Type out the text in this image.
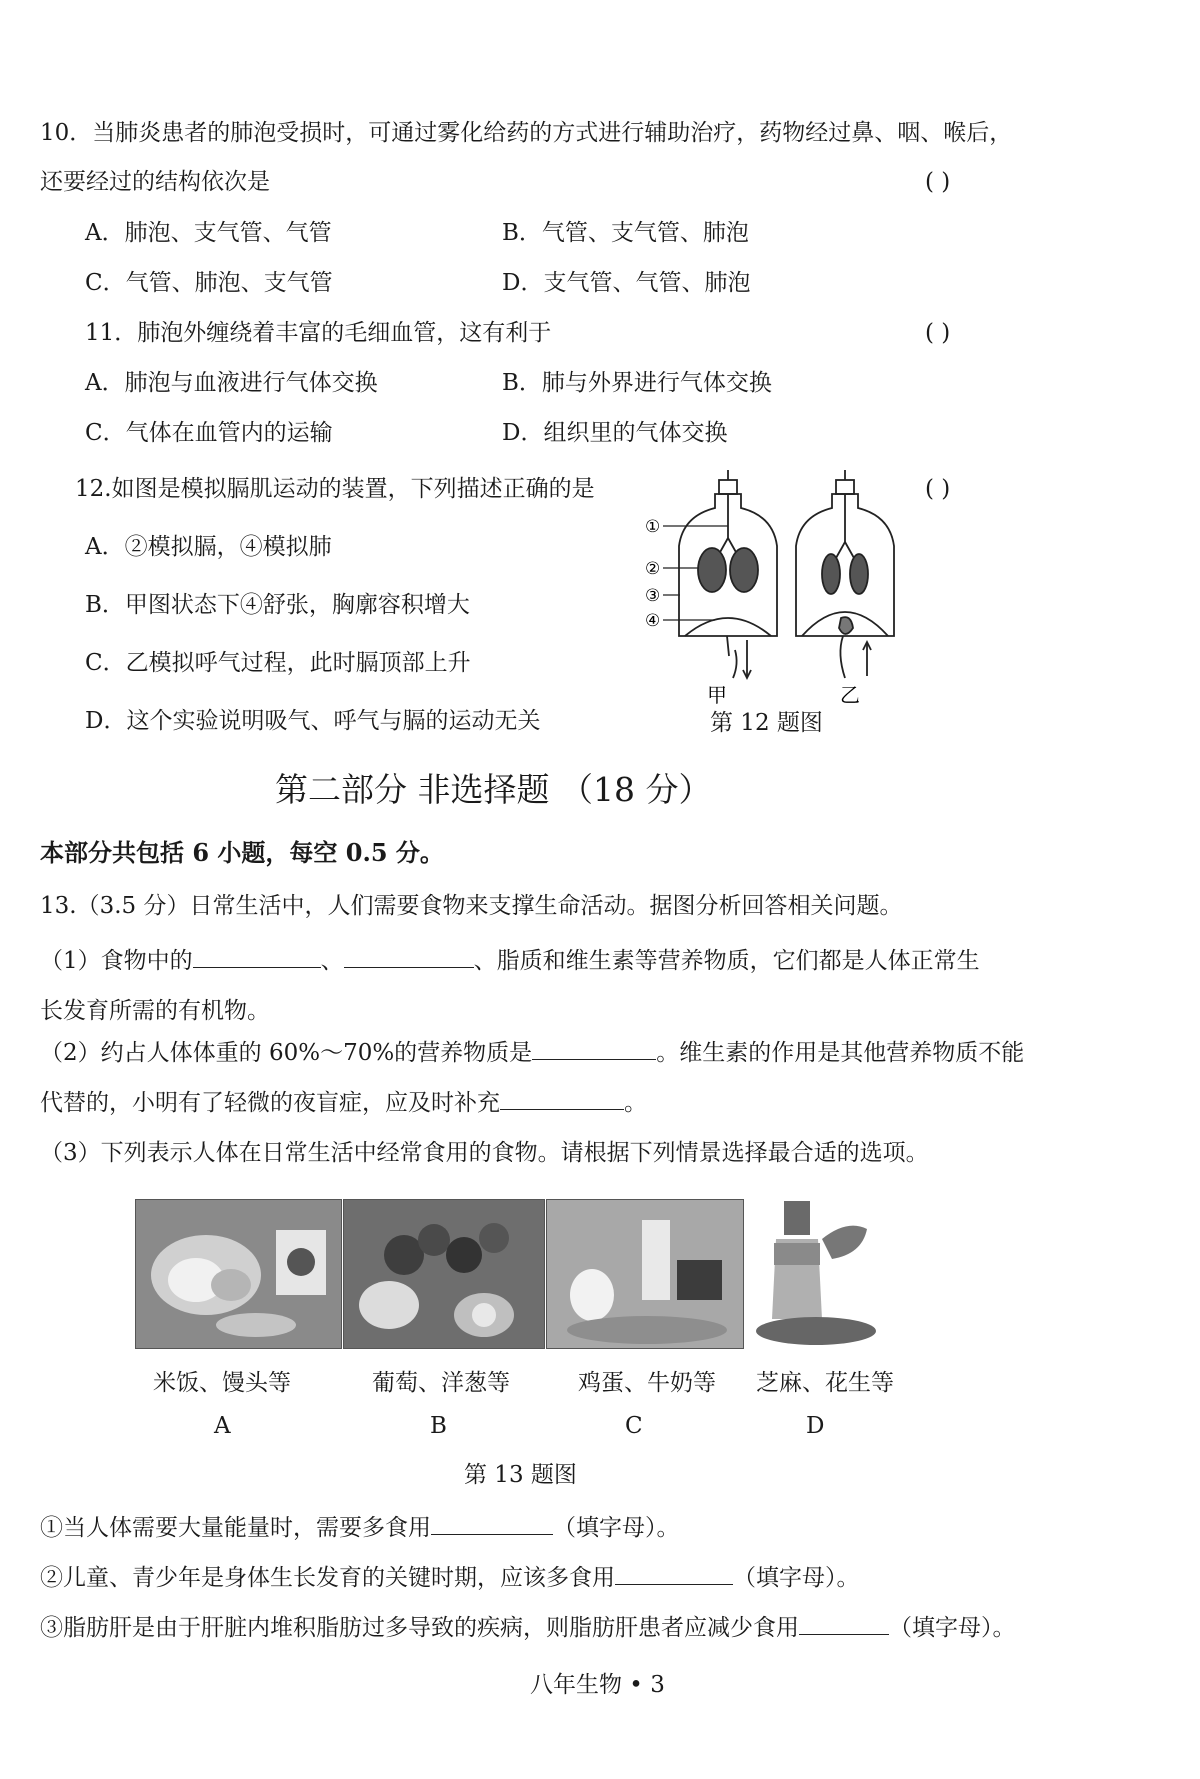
10．当肺炎患者的肺泡受损时，可通过雾化给药的方式进行辅助治疗，药物经过鼻、咽、喉后，
还要经过的结构依次是	( )
A．肺泡、支气管、气管	B．气管、支气管、肺泡
C．气管、肺泡、支气管	D．支气管、气管、肺泡
11．肺泡外缠绕着丰富的毛细血管，这有利于	( )
A．肺泡与血液进行气体交换	B．肺与外界进行气体交换
C．气体在血管内的运输	D．组织里的气体交换
12.如图是模拟膈肌运动的装置，下列描述正确的是	( )
A．②模拟膈，④模拟肺
B．甲图状态下④舒张，胸廓容积增大
C．乙模拟呼气过程，此时膈顶部上升
D．这个实验说明吸气、呼气与膈的运动无关
①
②
③
④
甲	乙
第 12 题图
第二部分 非选择题 （18 分）
本部分共包括 6 小题，每空 0.5 分。
13.（3.5 分）日常生活中，人们需要食物来支撑生命活动。据图分析回答相关问题。
（1）食物中的	、	、脂质和维生素等营养物质，它们都是人体正常生
长发育所需的有机物。
（2）约占人体体重的 60%～70%的营养物质是	。维生素的作用是其他营养物质不能
代替的，小明有了轻微的夜盲症，应及时补充	。
（3）下列表示人体在日常生活中经常食用的食物。请根据下列情景选择最合适的选项。
米饭、馒头等	葡萄、洋葱等	鸡蛋、牛奶等 芝麻、花生等
A	B	C	D
第 13 题图
①当人体需要大量能量时，需要多食用	（填字母）。
②儿童、青少年是身体生长发育的关键时期，应该多食用	（填字母）。
③脂肪肝是由于肝脏内堆积脂肪过多导致的疾病，则脂肪肝患者应减少食用	（填字母）。
八年生物 • 3
